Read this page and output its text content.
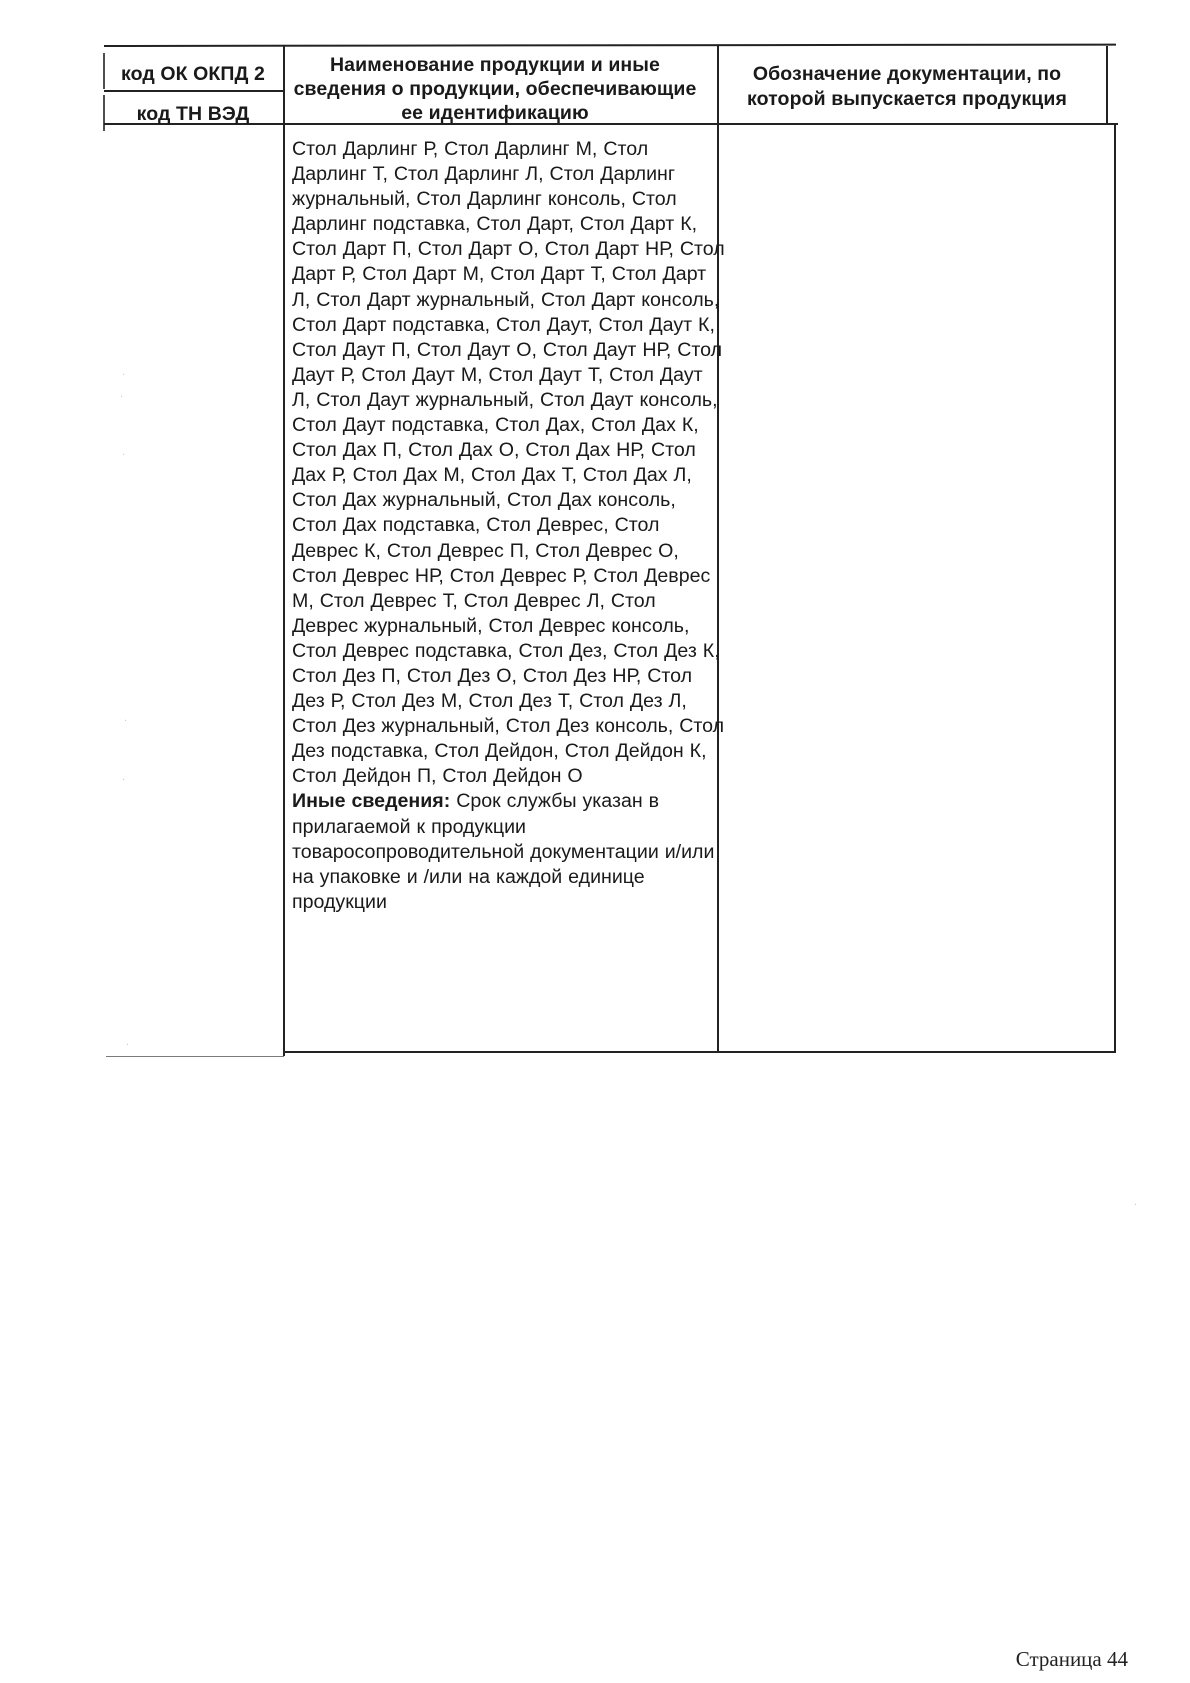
код ОК ОКПД 2
код ТН ВЭД
Наименование продукции и иные сведения о продукции, обеспечивающие ее идентификацию
Обозначение документации, по которой выпускается продукция
Стол Дарлинг Р, Стол Дарлинг М, Стол Дарлинг Т, Стол Дарлинг Л, Стол Дарлинг журнальный, Стол Дарлинг консоль, Стол Дарлинг подставка, Стол Дарт, Стол Дарт К, Стол Дарт П, Стол Дарт О, Стол Дарт НР, Стол Дарт Р, Стол Дарт М, Стол Дарт Т, Стол Дарт Л, Стол Дарт журнальный, Стол Дарт консоль, Стол Дарт подставка, Стол Даут, Стол Даут К, Стол Даут П, Стол Даут О, Стол Даут НР, Стол Даут Р, Стол Даут М, Стол Даут Т, Стол Даут Л, Стол Даут журнальный, Стол Даут консоль, Стол Даут подставка, Стол Дах, Стол Дах К, Стол Дах П, Стол Дах О, Стол Дах НР, Стол Дах Р, Стол Дах М, Стол Дах Т, Стол Дах Л, Стол Дах журнальный, Стол Дах консоль, Стол Дах подставка, Стол Деврес, Стол Деврес К, Стол Деврес П, Стол Деврес О, Стол Деврес НР, Стол Деврес Р, Стол Деврес М, Стол Деврес Т, Стол Деврес Л, Стол Деврес журнальный, Стол Деврес консоль, Стол Деврес подставка, Стол Дез, Стол Дез К, Стол Дез П, Стол Дез О, Стол Дез НР, Стол Дез Р, Стол Дез М, Стол Дез Т, Стол Дез Л, Стол Дез журнальный, Стол Дез консоль, Стол Дез подставка, Стол Дейдон, Стол Дейдон К, Стол Дейдон П, Стол Дейдон О
Иные сведения: Срок службы указан в прилагаемой к продукции товаросопроводительной документации и/или на упаковке и /или на каждой единице продукции
·
·
·
·
·
·
·
Страница 44
